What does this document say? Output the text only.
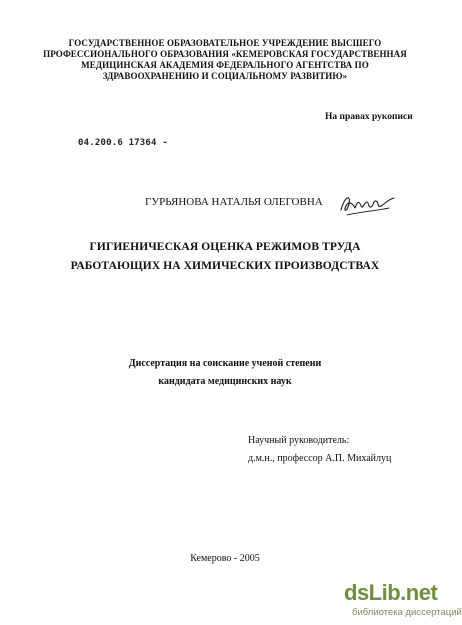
ГОСУДАРСТВЕННОЕ ОБРАЗОВАТЕЛЬНОЕ УЧРЕЖДЕНИЕ ВЫСШЕГО
ПРОФЕССИОНАЛЬНОГО ОБРАЗОВАНИЯ «КЕМЕРОВСКАЯ ГОСУДАРСТВЕННАЯ
МЕДИЦИНСКАЯ АКАДЕМИЯ ФЕДЕРАЛЬНОГО АГЕНТСТВА ПО
ЗДРАВООХРАНЕНИЮ И СОЦИАЛЬНОМУ РАЗВИТИЮ»
На правах рукописи
04.200.6 17364 -
ГУРЬЯНОВА НАТАЛЬЯ ОЛЕГОВНА
ГИГИЕНИЧЕСКАЯ ОЦЕНКА РЕЖИМОВ ТРУДА
РАБОТАЮЩИХ НА ХИМИЧЕСКИХ ПРОИЗВОДСТВАХ
Диссертация на соискание ученой степени
кандидата медицинских наук
Научный руководитель:
д.м.н., профессор А.П. Михайлуц
Кемерово - 2005
dsLib.net
библиотека диссертаций
